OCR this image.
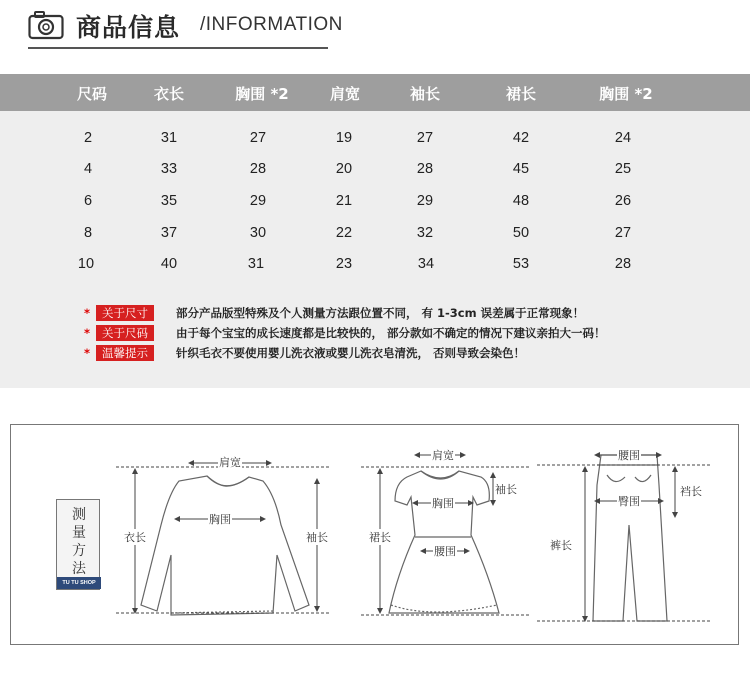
商品信息 /INFORMATION
尺码	衣长	胸围 *2	肩宽	袖长	裙长	胸围 *2
2	31	27	19	27	42	24
4	33	28	20	28	45	25
6	35	29	21	29	48	26
8	37	30	22	32	50	27
10	40	31	23	34	53	28
* 关于尺寸 部分产品版型特殊及个人测量方法跟位置不同， 有 1-3cm 误差属于正常现象！
* 关于尺码 由于每个宝宝的成长速度都是比较快的， 部分款如不确定的情况下建议亲拍大一码！
* 温馨提示 针织毛衣不要使用婴儿洗衣液或婴儿洗衣皂清洗， 否则导致会染色！
测
量
方
法
TU TU SHOP
肩宽
胸围
衣长	袖长
肩宽
胸围
腰围
裙长
袖长
腰围
臀围
裤长
裆长
